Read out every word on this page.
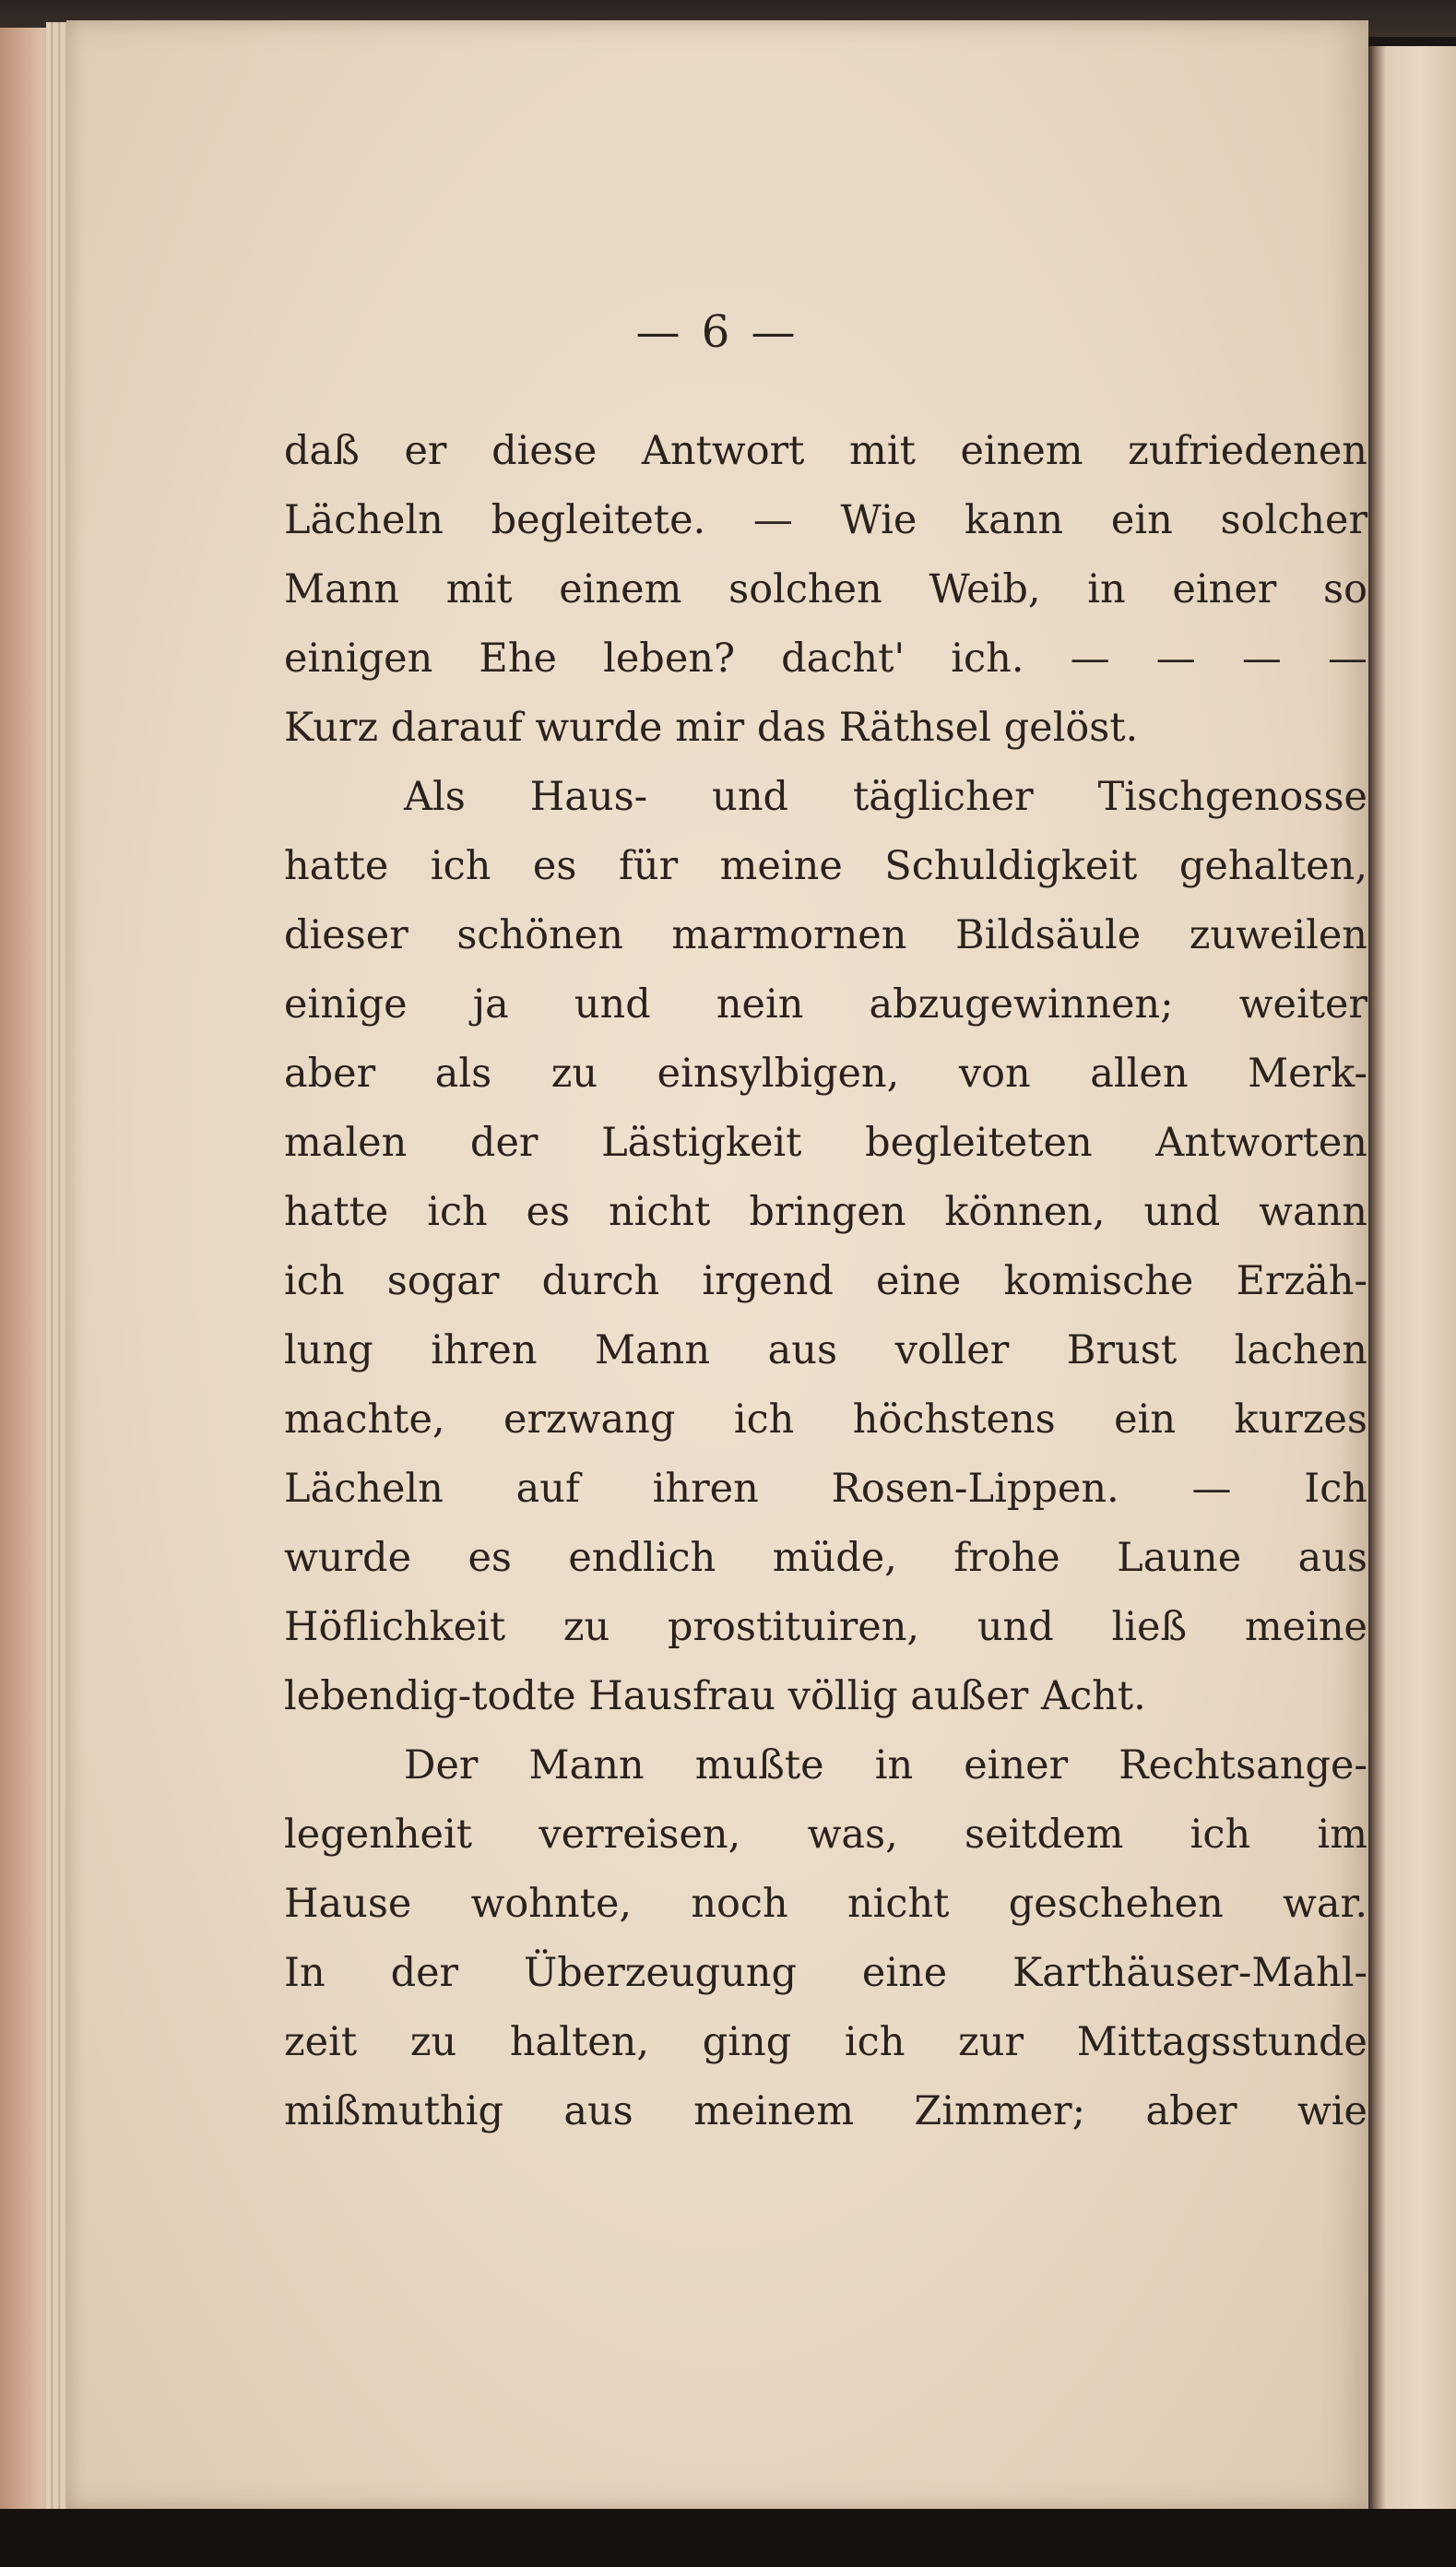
— 6 —
daß er diese Antwort mit einem zufriedenen
Lächeln begleitete. — Wie kann ein solcher
Mann mit einem solchen Weib, in einer so
einigen Ehe leben? dacht' ich. — — — —
Kurz darauf wurde mir das Räthsel gelöst.
Als Haus- und täglicher Tischgenosse
hatte ich es für meine Schuldigkeit gehalten,
dieser schönen marmornen Bildsäule zuweilen
einige ja und nein abzugewinnen; weiter
aber als zu einsylbigen, von allen Merk-
malen der Lästigkeit begleiteten Antworten
hatte ich es nicht bringen können, und wann
ich sogar durch irgend eine komische Erzäh-
lung ihren Mann aus voller Brust lachen
machte, erzwang ich höchstens ein kurzes
Lächeln auf ihren Rosen-Lippen. — Ich
wurde es endlich müde, frohe Laune aus
Höflichkeit zu prostituiren, und ließ meine
lebendig-todte Hausfrau völlig außer Acht.
Der Mann mußte in einer Rechtsange-
legenheit verreisen, was, seitdem ich im
Hause wohnte, noch nicht geschehen war.
In der Überzeugung eine Karthäuser-Mahl-
zeit zu halten, ging ich zur Mittagsstunde
mißmuthig aus meinem Zimmer; aber wie
